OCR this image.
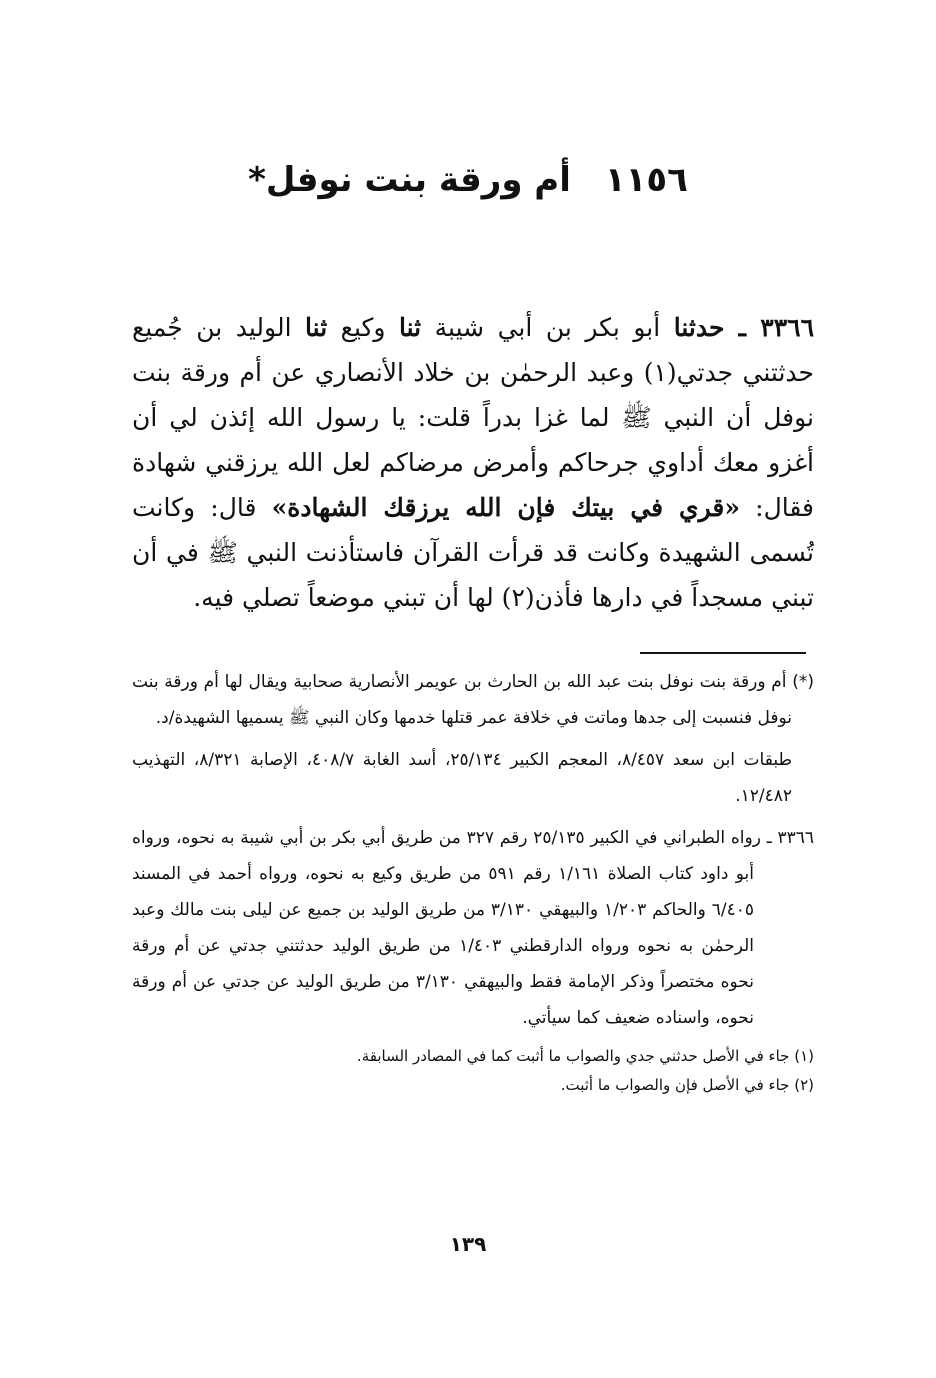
١١٥٦أم ورقة بنت نوفل*

٣٣٦٦ ـ حدثنا أبو بكر بن أبي شيبة ثنا وكيع ثنا الوليد بن جُميع حدثتني جدتي(١) وعبد الرحمٰن بن خلاد الأنصاري عن أم ورقة بنت نوفل أن النبي ﷺ لما غزا بدراً قلت: يا رسول الله إئذن لي أن أغزو معك أداوي جرحاكم وأمرض مرضاكم لعل الله يرزقني شهادة فقال: «قري في بيتك فإن الله يرزقك الشهادة» قال: وكانت تُسمى الشهيدة وكانت قد قرأت القرآن فاستأذنت النبي ﷺ في أن تبني مسجداً في دارها فأذن(٢) لها أن تبني موضعاً تصلي فيه.

(*) أم ورقة بنت نوفل بنت عبد الله بن الحارث بن عويمر الأنصارية صحابية ويقال لها أم ورقة بنت نوفل فنسبت إلى جدها وماتت في خلافة عمر قتلها خدمها وكان النبي ﷺ يسميها الشهيدة/د.

طبقات ابن سعد ٨/٤٥٧، المعجم الكبير ٢٥/١٣٤، أسد الغابة ٤٠٨/٧، الإصابة ٨/٣٢١، التهذيب ١٢/٤٨٢.

٣٣٦٦ ـ رواه الطبراني في الكبير ٢٥/١٣٥ رقم ٣٢٧ من طريق أبي بكر بن أبي شيبة به نحوه، ورواه أبو داود كتاب الصلاة ١/١٦١ رقم ٥٩١ من طريق وكيع به نحوه، ورواه أحمد في المسند ٦/٤٠٥ والحاكم ١/٢٠٣ والبيهقي ٣/١٣٠ من طريق الوليد بن جميع عن ليلى بنت مالك وعبد الرحمٰن به نحوه ورواه الدارقطني ١/٤٠٣ من طريق الوليد حدثتني جدتي عن أم ورقة نحوه مختصراً وذكر الإمامة فقط والبيهقي ٣/١٣٠ من طريق الوليد عن جدتي عن أم ورقة نحوه، واسناده ضعيف كما سيأتي.

(١) جاء في الأصل حدثني جدي والصواب ما أثبت كما في المصادر السابقة.

(٢) جاء في الأصل فإن والصواب ما أثبت.

١٣٩
